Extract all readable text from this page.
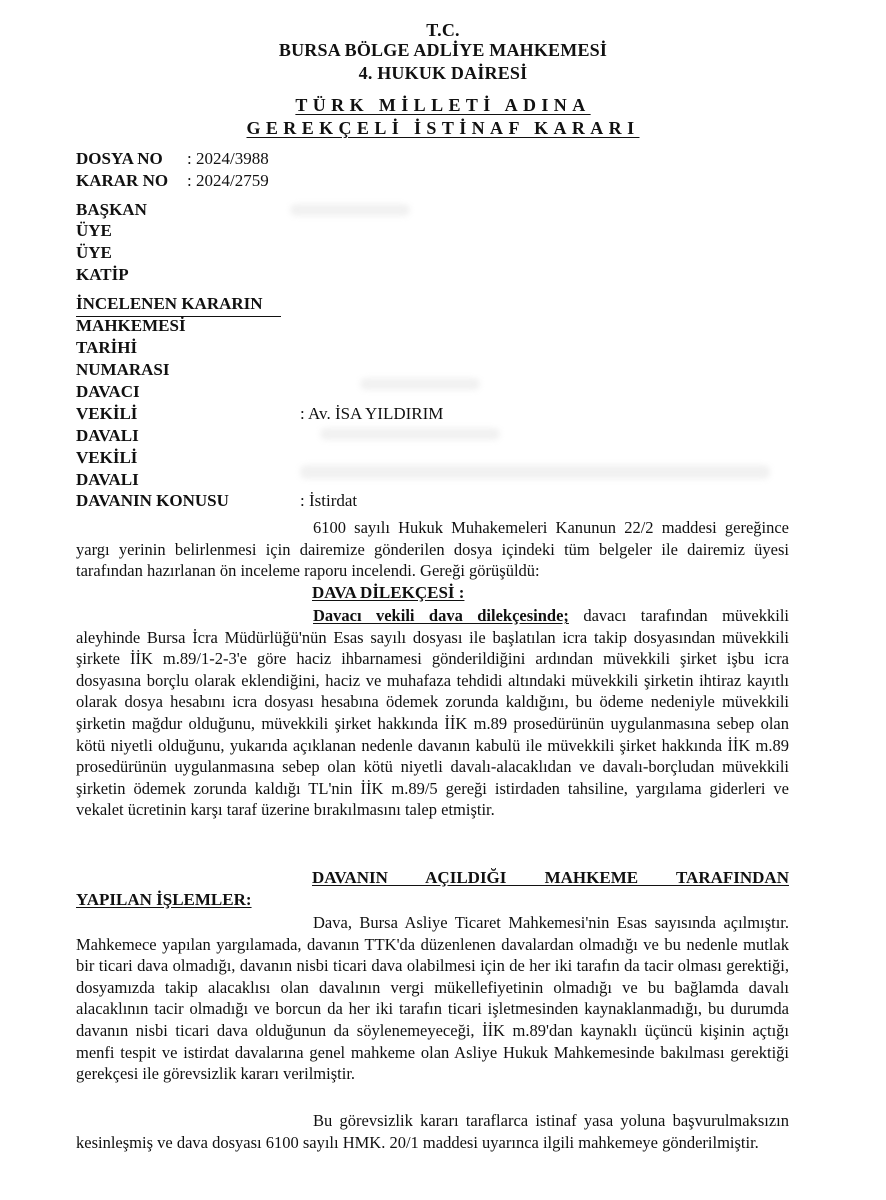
T.C.
BURSA BÖLGE ADLİYE MAHKEMESİ
4. HUKUK DAİRESİ
TÜRK MİLLETİ ADINA
GEREKÇELİ İSTİNAF KARARI
DOSYA NO : 2024/3988
KARAR NO : 2024/2759
BAŞKAN
ÜYE
ÜYE
KATİP
İNCELENEN KARARIN
MAHKEMESİ
TARİHİ
NUMARASI
DAVACI
VEKİLİ	: Av. İSA YILDIRIM
DAVALI
VEKİLİ
DAVALI
DAVANIN KONUSU	: İstirdat

6100 sayılı Hukuk Muhakemeleri Kanunun 22/2 maddesi gereğince yargı yerinin belirlenmesi için dairemize gönderilen dosya içindeki tüm belgeler ile dairemiz üyesi tarafından hazırlanan ön inceleme raporu incelendi. Gereği görüşüldü:

DAVA DİLEKÇESİ :

Davacı vekili dava dilekçesinde; davacı tarafından müvekkili aleyhinde Bursa İcra Müdürlüğü'nün Esas sayılı dosyası ile başlatılan icra takip dosyasından müvekkili şirkete İİK m.89/1-2-3'e göre haciz ihbarnamesi gönderildiğini ardından müvekkili şirket işbu icra dosyasına borçlu olarak eklendiğini, haciz ve muhafaza tehdidi altındaki müvekkili şirketin ihtiraz kayıtlı olarak dosya hesabını icra dosyası hesabına ödemek zorunda kaldığını, bu ödeme nedeniyle müvekkili şirketin mağdur olduğunu, müvekkili şirket hakkında İİK m.89 prosedürünün uygulanmasına sebep olan kötü niyetli olduğunu, yukarıda açıklanan nedenle davanın kabulü ile müvekkili şirket hakkında İİK m.89 prosedürünün uygulanmasına sebep olan kötü niyetli davalı-alacaklıdan ve davalı-borçludan müvekkili şirketin ödemek zorunda kaldığı TL'nin İİK m.89/5 gereği istirdaden tahsiline, yargılama giderleri ve vekalet ücretinin karşı taraf üzerine bırakılmasını talep etmiştir.

DAVANIN AÇILDIĞI MAHKEME TARAFINDAN
YAPILAN İŞLEMLER:

Dava, Bursa Asliye Ticaret Mahkemesi'nin Esas sayısında açılmıştır. Mahkemece yapılan yargılamada, davanın TTK'da düzenlenen davalardan olmadığı ve bu nedenle mutlak bir ticari dava olmadığı, davanın nisbi ticari dava olabilmesi için de her iki tarafın da tacir olması gerektiği, dosyamızda takip alacaklısı olan davalının vergi mükellefiyetinin olmadığı ve bu bağlamda davalı alacaklının tacir olmadığı ve borcun da her iki tarafın ticari işletmesinden kaynaklanmadığı, bu durumda davanın nisbi ticari dava olduğunun da söylenemeyeceği, İİK m.89'dan kaynaklı üçüncü kişinin açtığı menfi tespit ve istirdat davalarına genel mahkeme olan Asliye Hukuk Mahkemesinde bakılması gerektiği gerekçesi ile görevsizlik kararı verilmiştir.

Bu görevsizlik kararı taraflarca istinaf yasa yoluna başvurulmaksızın kesinleşmiş ve dava dosyası 6100 sayılı HMK. 20/1 maddesi uyarınca ilgili mahkemeye gönderilmiştir.
